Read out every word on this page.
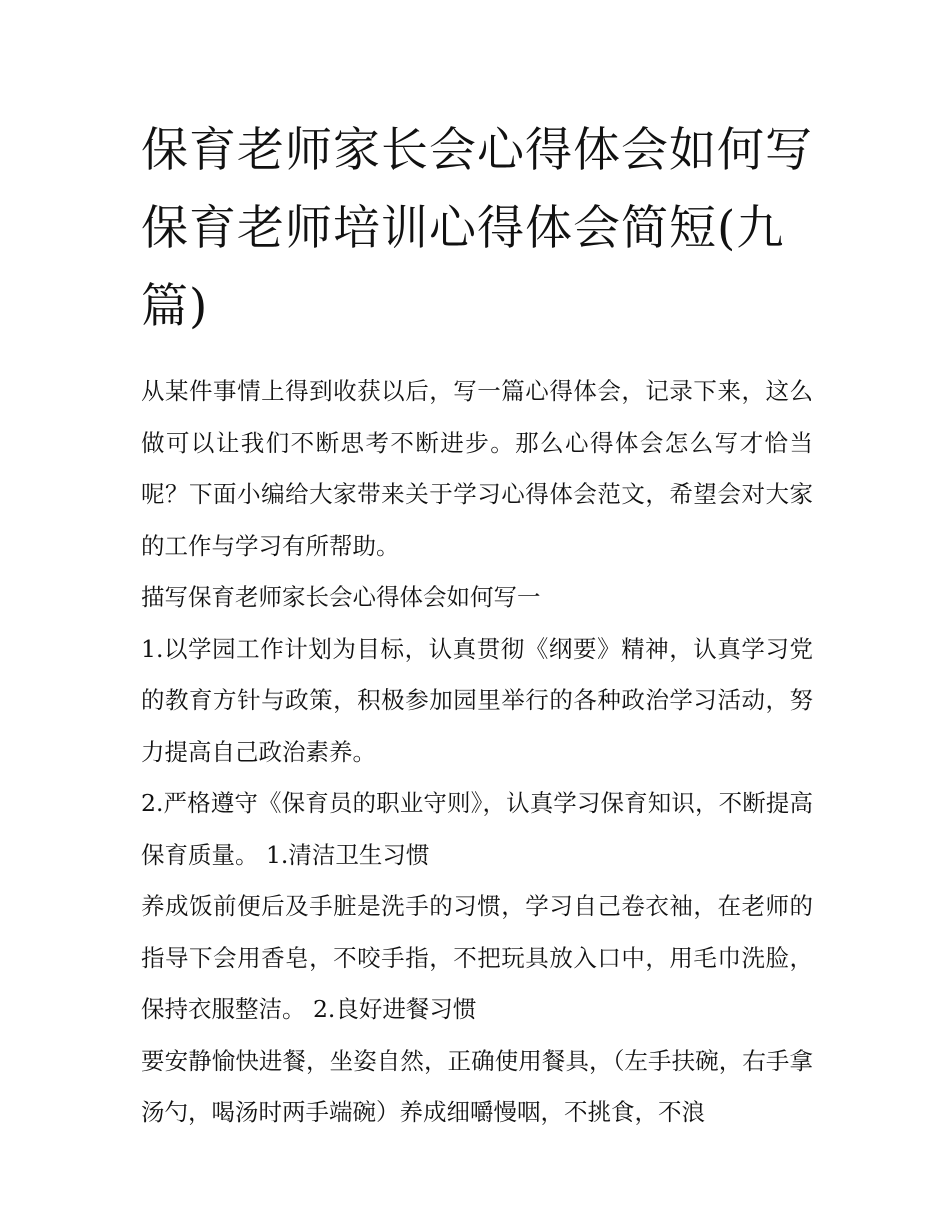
保育老师家长会心得体会如何写 保育老师培训心得体会简短(九篇)

从某件事情上得到收获以后，写一篇心得体会，记录下来，这么做可以让我们不断思考不断进步。那么心得体会怎么写才恰当呢？下面小编给大家带来关于学习心得体会范文，希望会对大家的工作与学习有所帮助。

描写保育老师家长会心得体会如何写一

1.以学园工作计划为目标，认真贯彻《纲要》精神，认真学习党的教育方针与政策，积极参加园里举行的各种政治学习活动，努力提高自己政治素养。

2.严格遵守《保育员的职业守则》，认真学习保育知识，不断提高保育质量。 1.清洁卫生习惯

养成饭前便后及手脏是洗手的习惯，学习自己卷衣袖，在老师的指导下会用香皂，不咬手指，不把玩具放入口中，用毛巾洗脸，保持衣服整洁。 2.良好进餐习惯

要安静愉快进餐，坐姿自然，正确使用餐具，（左手扶碗，右手拿汤勺，喝汤时两手端碗）养成细嚼慢咽，不挑食，不浪
